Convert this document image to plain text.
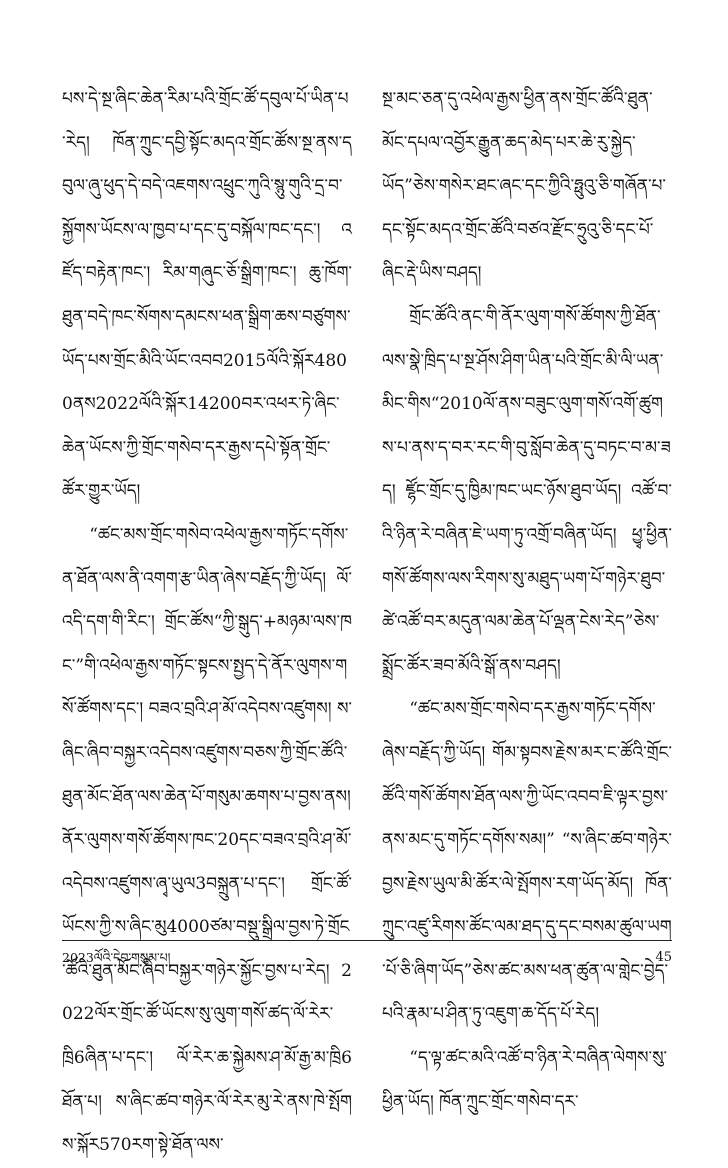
པས་དེ་སྔ་ཞིང་ཆེན་རིམ་པའི་གྲོང་ཚོ་དབུལ་པོ་ཡིན་པ་རེད། ཁོན་ཀྲུང་དབྱི་སྟོང་མདའ་གྲོང་ཚོས་སྔ་ནས་དབུལ་ཞུ་ཕུད་དེ་བདེ་འཇགས་འཕྲུང་ཀུའི་སྙུ་གུའི་དྲ་བ་སྐྱོགས་ཡོངས་ལ་ཁྱབ་པ་དང་དུ་བསྐོལ་ཁང་དང་། འཛོད་བརྟེན་ཁང་། རིམ་གཞུང་ཅོ་སྒྲིག་ཁང་། ཆུ་ཁོག་ཐུན་བདེ་ཁང་སོགས་དམངས་ཕན་སྒྲིག་ཆས་བཙུགས་ཡོད་པས་གྲོང་མིའི་ཡོང་འབབ2015ལོའི་སྐོར4800ནས2022ལོའི་སྐོར14200བར་འཕར་ཏེ་ཞིང་ཆེན་ཡོངས་ཀྱི་གྲོང་གསེབ་དར་རྒྱས་དཔེ་སྟོན་གྲོང་ཚོར་གྱུར་ཡོད།

“ཚང་མས་གྲོང་གསེབ་འཕེལ་རྒྱས་གཏོང་དགོས་ན་ཐོན་ལས་ནི་འགག་རྩ་ཡིན་ཞེས་བརྗོད་ཀྱི་ཡོད། ལོ་འདི་དག་གི་རིང་། གྲོང་ཚོས“ཀྱི་སྒུད་+མཉམ་ལས་ཁང་”གི་འཕེལ་རྒྱས་གཏོང་སྟངས་སྤྱད་དེ་ནོར་ལུགས་གསོ་ཚོགས་དང་། བཟའ་བྲའི་ཤ་མོ་འདེབས་འཛུགས། ས་ཞིང་ཞིབ་བསྐྱར་འདེབས་འཛུགས་བཅས་ཀྱི་གྲོང་ཚོའི་ཐུན་མོང་ཐོན་ལས་ཆེན་པོ་གསུམ་ཆགས་པ་བྱས་ནས། ནོར་ལུགས་གསོ་ཚོགས་ཁང་20དང་བཟའ་བྲའི་ཤ་མོ་འདེབས་འཛུགས་ཞྭ་ཡུལ3བསྐྲུན་པ་དང་། གྲོང་ཚོ་ཡོངས་ཀྱི་ས་ཞིང་མུ4000ཙམ་བསྡུ་སྒྲིལ་བྱས་ཏེ་གྲོང་ཚོའི་ཐུན་མོང་ཞིབ་བསྐྱར་གཉེར་སྐྱོང་བྱས་པ་རེད། 2022ལོར་གྲོང་ཚོ་ཡོངས་སུ་ལུག་གསོ་ཚད་ལོ་རེར་ཁྲི6ཞིན་པ་དང་། ལོ་རེར་ཆ་སྐྱེམས་ཤ་མོ་རྒྱ་མ་ཁྲི6ཐོན་པ། ས་ཞིང་ཚབ་གཉེར་ལོ་རེར་མུ་རེ་ནས་ཁེ་སྤོགས་སྐོར570རག་སྟེ་ཐོན་ལས་

སྔ་མང་ཅན་དུ་འཕེལ་རྒྱས་ཕྱིན་ནས་གྲོང་ཚོའི་ཐུན་མོང་དཔལ་འབྱོར་རྒྱུན་ཆད་མེད་པར་ཆེ་རུ་སྐྱེད་ཡོད”ཅེས་གསེར་ཐང་ཞང་དང་ཀྱིའི་ཧྥུའུ་ཅི་གཞོན་པ་དང་སྟོང་མདའ་གྲོང་ཚོའི་བཙའ་རྫོང་ཧྲུའུ་ཅི་དང་པོ་ཞིང་རྡེ་ཡིས་བཤད།

གྲོང་ཚོའི་ནང་གི་ནོར་ལུག་གསོ་ཚོགས་ཀྱི་ཐོན་ལས་སྣེ་ཁྲིད་པ་སྔ་ཤོས་ཤིག་ཡིན་པའི་གྲོང་མི་ལི་ཡན་མིང་གིས“2010ལོ་ནས་བཟུང་ལུག་གསོ་འགོ་ཚུགས་པ་ནས་ད་བར་རང་གི་བུ་སློབ་ཆེན་དུ་བཏང་བ་མ་ཟད། ཛྷོང་གྲོང་དུ་ཁྱིམ་ཁང་ཡང་ཉོས་ཐུབ་ཡོད། འཚོ་བ་འི་ཉིན་རེ་བཞིན་ཇེ་ཡག་ཏུ་འགྲོ་བཞིན་ཡོད། ཕྱྭ་ཕྱིན་གསོ་ཚོགས་ལས་རིགས་སུ་མཐུད་ཡག་པོ་གཉེར་ཐུབ་ཚེ་འཚོ་བར་མདུན་ལམ་ཆེན་པོ་ལྡན་ངེས་རེད”ཅེས་སྨྲོང་ཚོར་ཟབ་མོའི་སྒོ་ནས་བཤད།

“ཚང་མས་གྲོང་གསེབ་དར་རྒྱས་གཏོང་དགོས་ཞེས་བརྗོད་ཀྱི་ཡོད། གོམ་སྟབས་རྗེས་མར་ང་ཚོའི་གྲོང་ཚོའི་གསོ་ཚོགས་ཐོན་ལས་ཀྱི་ཡོང་འབབ་ཇི་ལྟར་བྱས་ནས་མང་དུ་གཏོང་དགོས་སམ།” “ས་ཞིང་ཚབ་གཉེར་བྱས་རྗེས་ཡུལ་མི་ཚོར་ལེ་སྤོགས་རག་ཡོད་མོད། ཁོན་ཀྲུང་འཛུ་རིགས་ཚོང་ལམ་ཐད་དུ་དང་བསམ་ཚུལ་ཡག་པོ་ཅི་ཞིག་ཡོད”ཅེས་ཚང་མས་ཕན་ཚུན་ལ་གླེང་བྱེད་པའི་རྣམ་པ་ཤིན་ཏུ་འཇུག་ཆ་དོད་པོ་རེད།

“ད་ལྟ་ཚང་མའི་འཚོ་བ་ཉིན་རེ་བཞིན་ལེགས་སུ་ཕྱིན་ཡོད། ཁོན་ཀྲུང་གྲོང་གསེབ་དར་

2023ལོའི་དེབ་གསུམ་པ།	45
